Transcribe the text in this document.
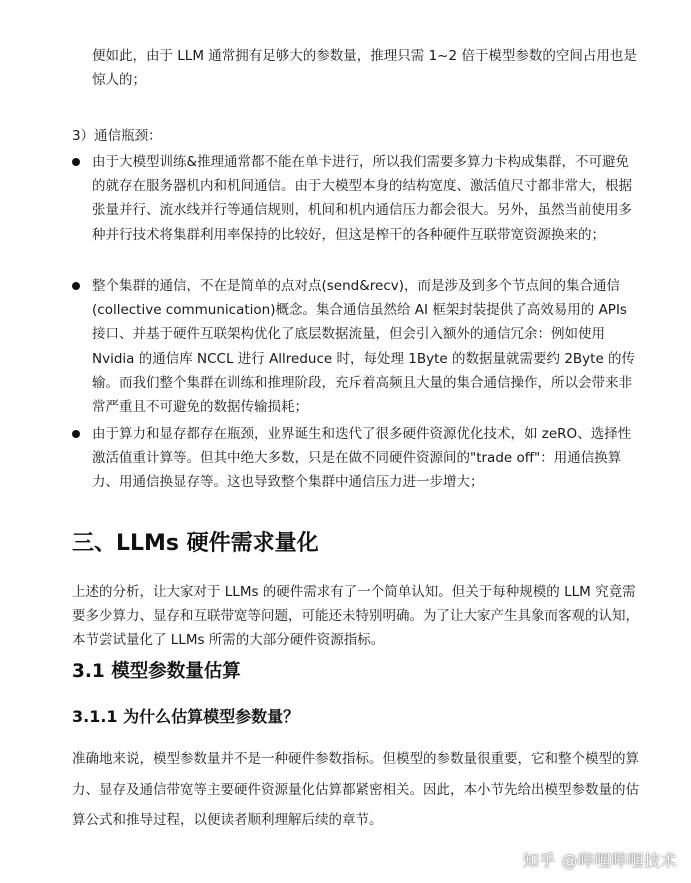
便如此，由于 LLM 通常拥有足够大的参数量，推理只需 1~2 倍于模型参数的空间占用也是惊人的；

3）通信瓶颈：
由于大模型训练&推理通常都不能在单卡进行，所以我们需要多算力卡构成集群，不可避免的就存在服务器机内和机间通信。由于大模型本身的结构宽度、激活值尺寸都非常大，根据张量并行、流水线并行等通信规则，机间和机内通信压力都会很大。另外，虽然当前使用多种并行技术将集群利用率保持的比较好，但这是榨干的各种硬件互联带宽资源换来的；
整个集群的通信，不在是简单的点对点(send&recv)，而是涉及到多个节点间的集合通信(collective communication)概念。集合通信虽然给 AI 框架封装提供了高效易用的 APIs 接口、并基于硬件互联架构优化了底层数据流量，但会引入额外的通信冗余：例如使用 Nvidia 的通信库 NCCL 进行 Allreduce 时，每处理 1Byte 的数据量就需要约 2Byte 的传输。而我们整个集群在训练和推理阶段，充斥着高频且大量的集合通信操作，所以会带来非常严重且不可避免的数据传输损耗；
由于算力和显存都存在瓶颈，业界诞生和迭代了很多硬件资源优化技术，如 zeRO、选择性激活值重计算等。但其中绝大多数，只是在做不同硬件资源间的"trade off"：用通信换算力、用通信换显存等。这也导致整个集群中通信压力进一步增大；
三、LLMs 硬件需求量化

上述的分析，让大家对于 LLMs 的硬件需求有了一个简单认知。但关于每种规模的 LLM 究竟需要多少算力、显存和互联带宽等问题，可能还未特别明确。为了让大家产生具象而客观的认知，本节尝试量化了 LLMs 所需的大部分硬件资源指标。

3.1 模型参数量估算
3.1.1 为什么估算模型参数量？

准确地来说，模型参数量并不是一种硬件参数指标。但模型的参数量很重要，它和整个模型的算力、显存及通信带宽等主要硬件资源量化估算都紧密相关。因此，本小节先给出模型参数量的估算公式和推导过程，以便读者顺利理解后续的章节。

知乎 @哔哩哔哩技术
